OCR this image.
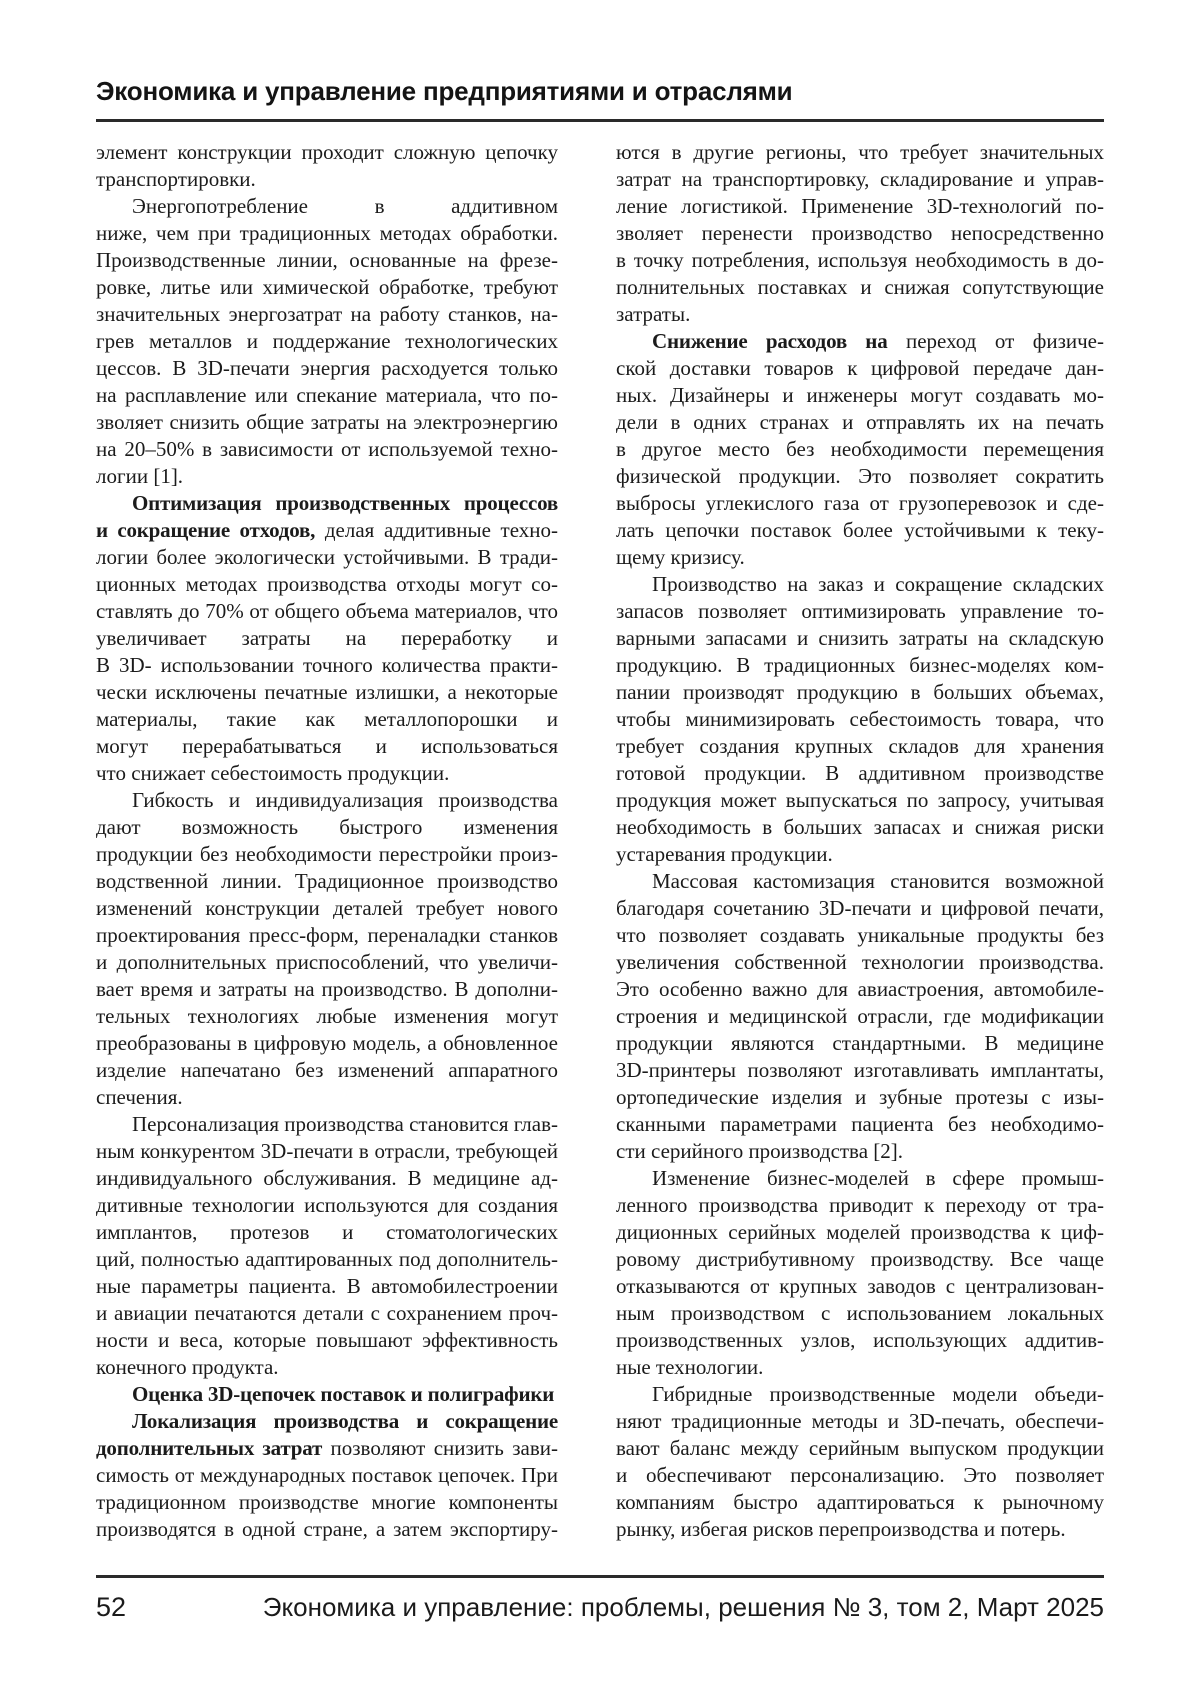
Экономика и управление предприятиями и отраслями
элемент конструкции проходит сложную цепочку
транспортировки.
Энергопотребление в аддитивном
ниже, чем при традиционных методах обработки.
Производственные линии, основанные на фрезе-
ровке, литье или химической обработке, требуют
значительных энергозатрат на работу станков, на-
грев металлов и поддержание технологических
цессов. В 3D-печати энергия расходуется только
на расплавление или спекание материала, что по-
зволяет снизить общие затраты на электроэнергию
на 20–50% в зависимости от используемой техно-
логии [1].
Оптимизация производственных процессов
и сокращение отходов, делая аддитивные техно-
логии более экологически устойчивыми. В тради-
ционных методах производства отходы могут со-
ставлять до 70% от общего объема материалов, что
увеличивает затраты на переработку и
В 3D- использовании точного количества практи-
чески исключены печатные излишки, а некоторые
материалы, такие как металлопорошки и
могут перерабатываться и использоваться
что снижает себестоимость продукции.
Гибкость и индивидуализация производства
дают возможность быстрого изменения
продукции без необходимости перестройки произ-
водственной линии. Традиционное производство
изменений конструкции деталей требует нового
проектирования пресс-форм, переналадки станков
и дополнительных приспособлений, что увеличи-
вает время и затраты на производство. В дополни-
тельных технологиях любые изменения могут
преобразованы в цифровую модель, а обновленное
изделие напечатано без изменений аппаратного
спечения.
Персонализация производства становится глав-
ным конкурентом 3D-печати в отрасли, требующей
индивидуального обслуживания. В медицине ад-
дитивные технологии используются для создания
имплантов, протезов и стоматологических
ций, полностью адаптированных под дополнитель-
ные параметры пациента. В автомобилестроении
и авиации печатаются детали с сохранением проч-
ности и веса, которые повышают эффективность
конечного продукта.
Оценка 3D-цепочек поставок и полиграфики
Локализация производства и сокращение
дополнительных затрат позволяют снизить зави-
симость от международных поставок цепочек. При
традиционном производстве многие компоненты
производятся в одной стране, а затем экспортиру-
ются в другие регионы, что требует значительных
затрат на транспортировку, складирование и управ-
ление логистикой. Применение 3D-технологий по-
зволяет перенести производство непосредственно
в точку потребления, используя необходимость в до-
полнительных поставках и снижая сопутствующие
затраты.
Снижение расходов на переход от физиче-
ской доставки товаров к цифровой передаче дан-
ных. Дизайнеры и инженеры могут создавать мо-
дели в одних странах и отправлять их на печать
в другое место без необходимости перемещения
физической продукции. Это позволяет сократить
выбросы углекислого газа от грузоперевозок и сде-
лать цепочки поставок более устойчивыми к теку-
щему кризису.
Производство на заказ и сокращение складских
запасов позволяет оптимизировать управление то-
варными запасами и снизить затраты на складскую
продукцию. В традиционных бизнес-моделях ком-
пании производят продукцию в больших объемах,
чтобы минимизировать себестоимость товара, что
требует создания крупных складов для хранения
готовой продукции. В аддитивном производстве
продукция может выпускаться по запросу, учитывая
необходимость в больших запасах и снижая риски
устаревания продукции.
Массовая кастомизация становится возможной
благодаря сочетанию 3D-печати и цифровой печати,
что позволяет создавать уникальные продукты без
увеличения собственной технологии производства.
Это особенно важно для авиастроения, автомобиле-
строения и медицинской отрасли, где модификации
продукции являются стандартными. В медицине
3D-принтеры позволяют изготавливать имплантаты,
ортопедические изделия и зубные протезы с изы-
сканными параметрами пациента без необходимо-
сти серийного производства [2].
Изменение бизнес-моделей в сфере промыш-
ленного производства приводит к переходу от тра-
диционных серийных моделей производства к циф-
ровому дистрибутивному производству. Все чаще
отказываются от крупных заводов с централизован-
ным производством с использованием локальных
производственных узлов, использующих аддитив-
ные технологии.
Гибридные производственные модели объеди-
няют традиционные методы и 3D-печать, обеспечи-
вают баланс между серийным выпуском продукции
и обеспечивают персонализацию. Это позволяет
компаниям быстро адаптироваться к рыночному
рынку, избегая рисков перепроизводства и потерь.
52	Экономика и управление: проблемы, решения № 3, том 2, Март 2025
